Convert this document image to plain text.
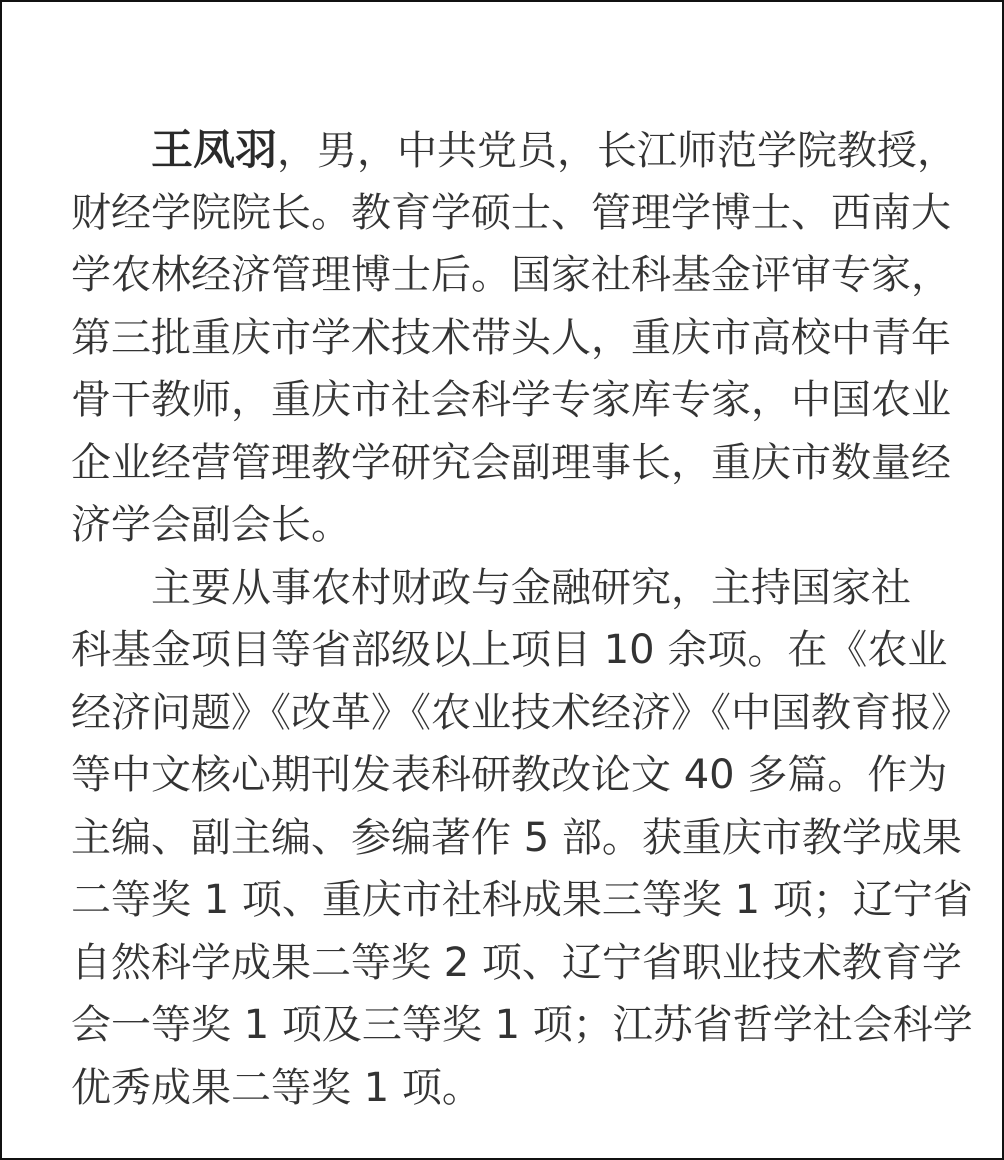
王凤羽，男，中共党员，长江师范学院教授，
财经学院院长。教育学硕士、管理学博士、西南大
学农林经济管理博士后。国家社科基金评审专家，
第三批重庆市学术技术带头人，重庆市高校中青年
骨干教师，重庆市社会科学专家库专家，中国农业
企业经营管理教学研究会副理事长，重庆市数量经
济学会副会长。
主要从事农村财政与金融研究，主持国家社
科基金项目等省部级以上项目 10 余项。在《农业
经济问题》《改革》《农业技术经济》《中国教育报》
等中文核心期刊发表科研教改论文 40 多篇。作为
主编、副主编、参编著作 5 部。获重庆市教学成果
二等奖 1 项、重庆市社科成果三等奖 1 项；辽宁省
自然科学成果二等奖 2 项、辽宁省职业技术教育学
会一等奖 1 项及三等奖 1 项；江苏省哲学社会科学
优秀成果二等奖 1 项。
